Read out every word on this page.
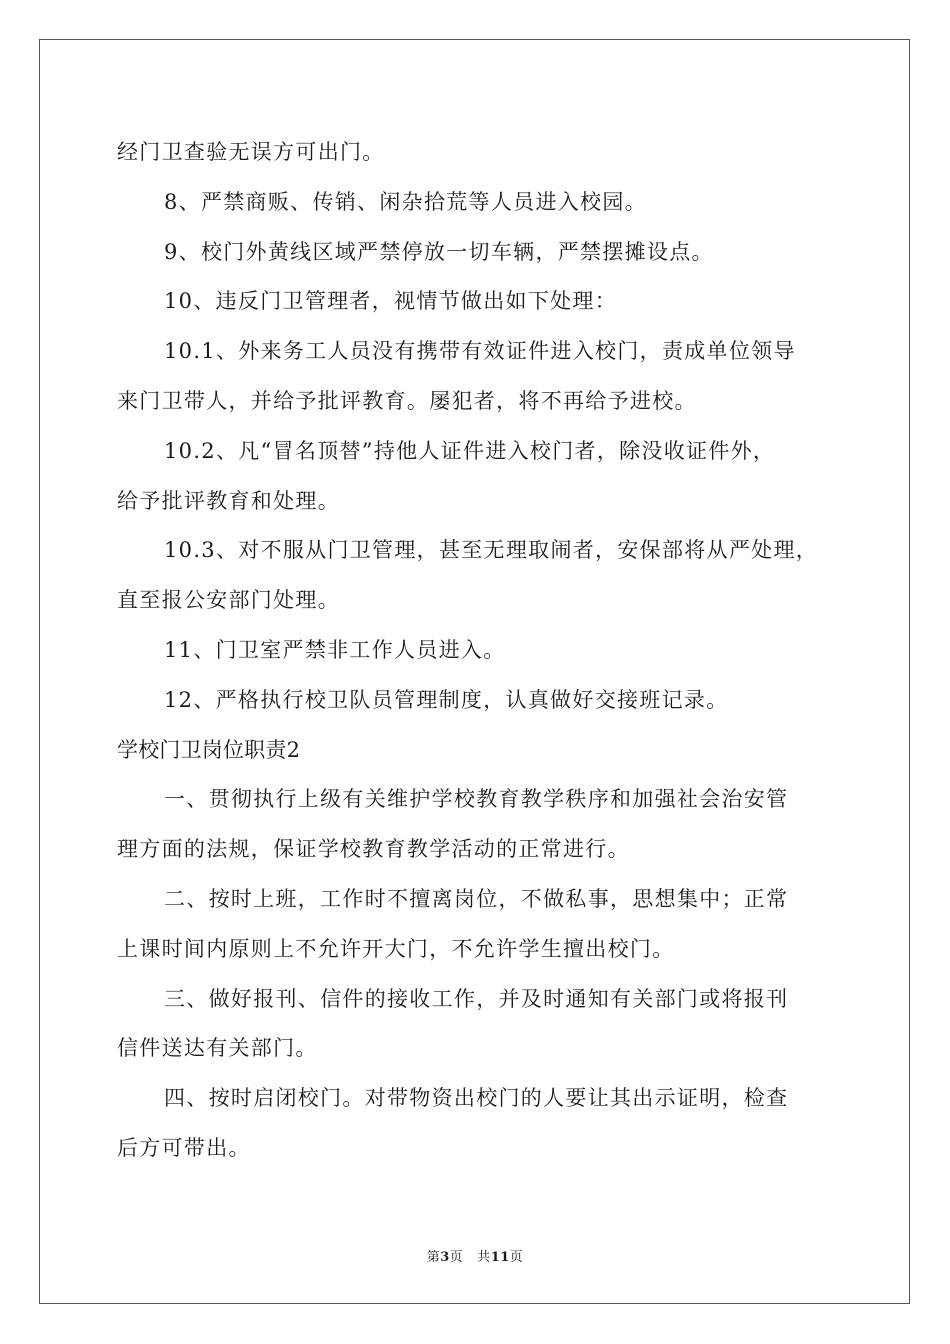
经门卫查验无误方可出门。
8、严禁商贩、传销、闲杂拾荒等人员进入校园。
9、校门外黄线区域严禁停放一切车辆，严禁摆摊设点。
10、违反门卫管理者，视情节做出如下处理：
10.1、外来务工人员没有携带有效证件进入校门，责成单位领导
来门卫带人，并给予批评教育。屡犯者，将不再给予进校。
10.2、凡“冒名顶替”持他人证件进入校门者，除没收证件外，
给予批评教育和处理。
10.3、对不服从门卫管理，甚至无理取闹者，安保部将从严处理，
直至报公安部门处理。
11、门卫室严禁非工作人员进入。
12、严格执行校卫队员管理制度，认真做好交接班记录。
学校门卫岗位职责2
一、贯彻执行上级有关维护学校教育教学秩序和加强社会治安管
理方面的法规，保证学校教育教学活动的正常进行。
二、按时上班，工作时不擅离岗位，不做私事，思想集中；正常
上课时间内原则上不允许开大门，不允许学生擅出校门。
三、做好报刊、信件的接收工作，并及时通知有关部门或将报刊
信件送达有关部门。
四、按时启闭校门。对带物资出校门的人要让其出示证明，检查
后方可带出。
第3页 共11页
